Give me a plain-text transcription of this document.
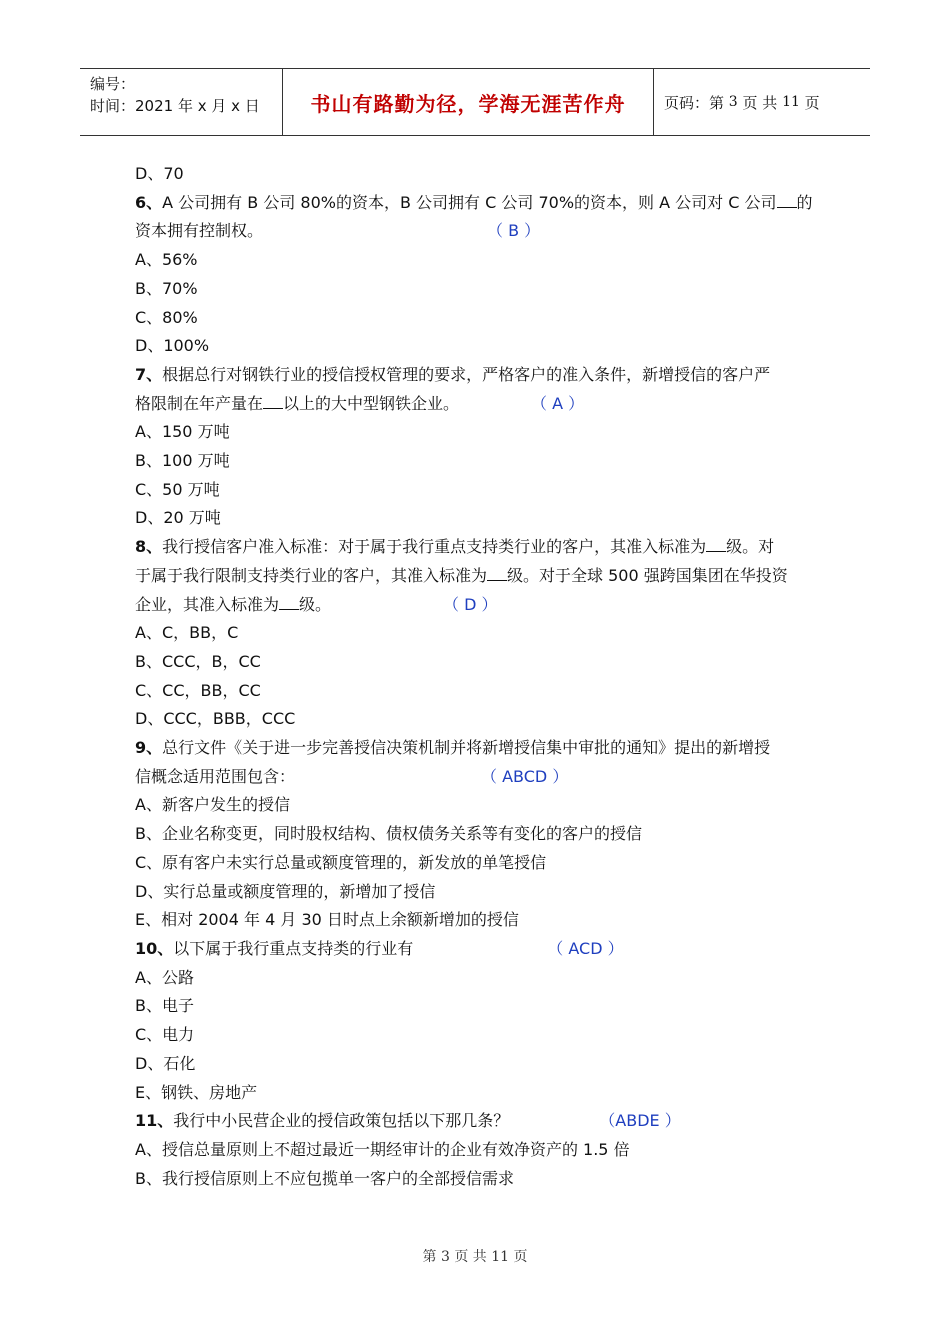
编号：
时间：2021 年 x 月 x 日	书山有路勤为径，学海无涯苦作舟	页码：第
3
页 共
11
页
D、70
6、A 公司拥有 B 公司 80%的资本，B 公司拥有 C 公司 70%的资本，则 A 公司对 C 公司 的
资本拥有控制权。	（ B ）
A、56%
B、70%
C、80%
D、100%
7、根据总行对钢铁行业的授信授权管理的要求，严格客户的准入条件，新增授信的客户严
格限制在年产量在 以上的大中型钢铁企业。	（ A ）
A、150 万吨
B、100 万吨
C、50 万吨
D、20 万吨
8、我行授信客户准入标准：对于属于我行重点支持类行业的客户，其准入标准为 级。对
于属于我行限制支持类行业的客户，其准入标准为 级。对于全球 500 强跨国集团在华投资
企业，其准入标准为 级。	（ D ）
A、C，BB，C
B、CCC，B，CC
C、CC，BB，CC
D、CCC，BBB，CCC
9、总行文件《关于进一步完善授信决策机制并将新增授信集中审批的通知》提出的新增授
信概念适用范围包含：	（ ABCD ）
A、新客户发生的授信
B、企业名称变更，同时股权结构、债权债务关系等有变化的客户的授信
C、原有客户未实行总量或额度管理的，新发放的单笔授信
D、实行总量或额度管理的，新增加了授信
E、相对 2004 年 4 月 30 日时点上余额新增加的授信
10、以下属于我行重点支持类的行业有	（ ACD ）
A、公路
B、电子
C、电力
D、石化
E、钢铁、房地产
11、我行中小民营企业的授信政策包括以下那几条？	（ABDE ）
A、授信总量原则上不超过最近一期经审计的企业有效净资产的 1.5 倍
B、我行授信原则上不应包揽单一客户的全部授信需求
第 3 页 共 11 页
